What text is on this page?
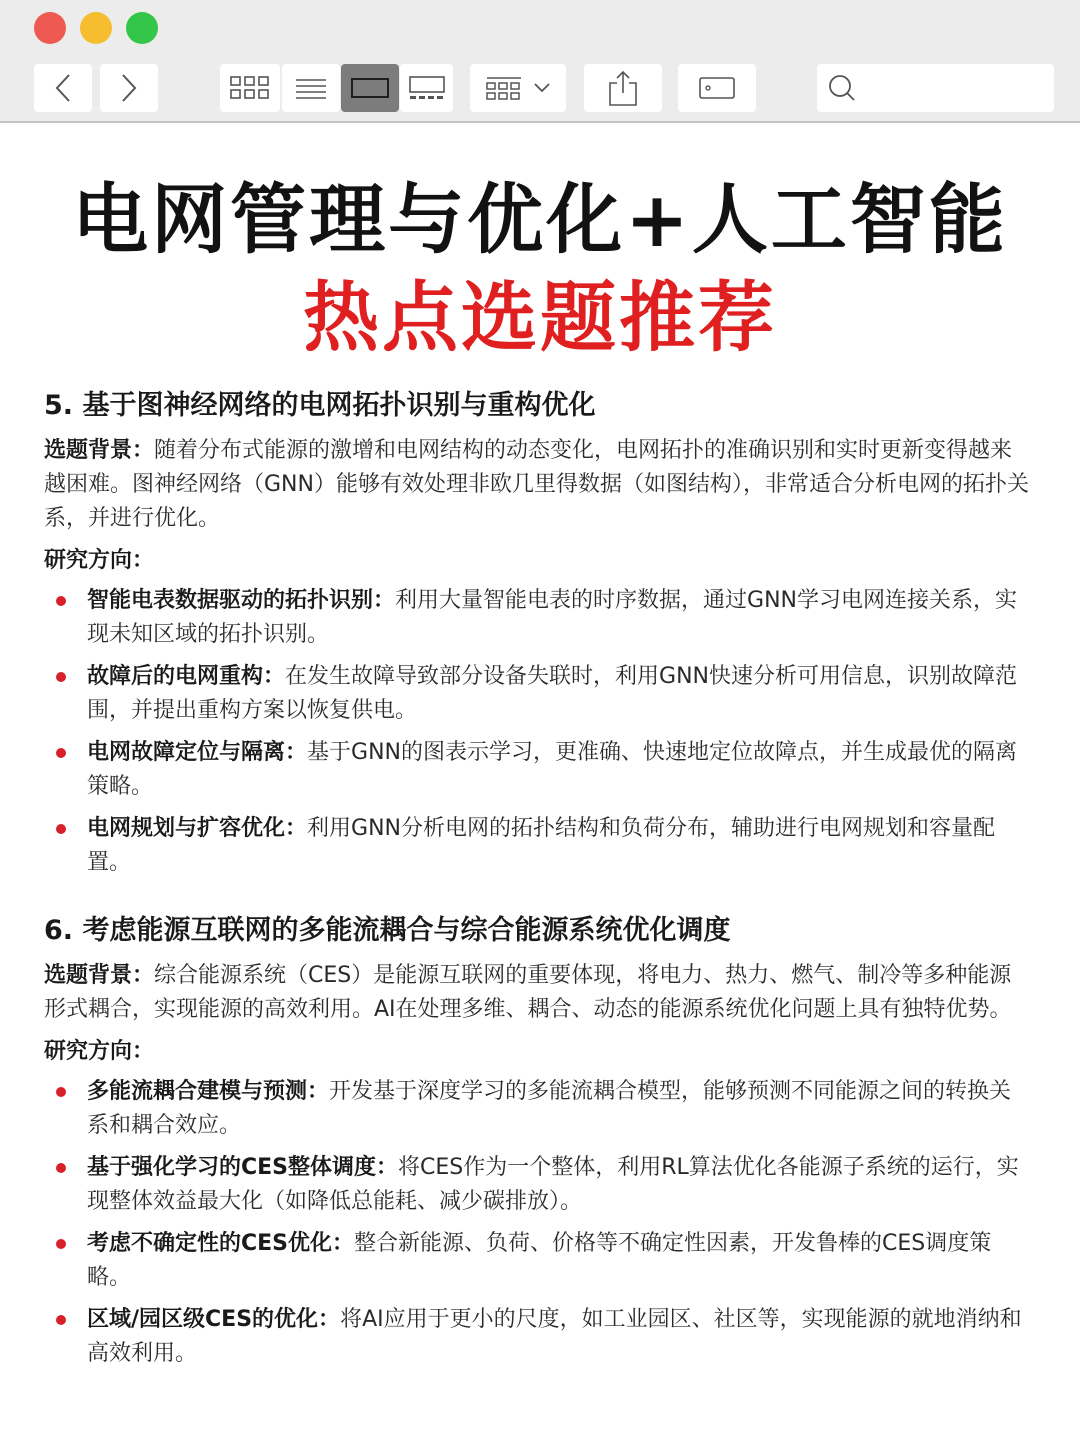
电网管理与优化+人工智能
热点选题推荐
5. 基于图神经网络的电网拓扑识别与重构优化

选题背景：随着分布式能源的激增和电网结构的动态变化，电网拓扑的准确识别和实时更新变得越来越困难。图神经网络（GNN）能够有效处理非欧几里得数据（如图结构），非常适合分析电网的拓扑关系，并进行优化。

研究方向：
智能电表数据驱动的拓扑识别：利用大量智能电表的时序数据，通过GNN学习电网连接关系，实现未知区域的拓扑识别。
故障后的电网重构：在发生故障导致部分设备失联时，利用GNN快速分析可用信息，识别故障范围，并提出重构方案以恢复供电。
电网故障定位与隔离：基于GNN的图表示学习，更准确、快速地定位故障点，并生成最优的隔离策略。
电网规划与扩容优化：利用GNN分析电网的拓扑结构和负荷分布，辅助进行电网规划和容量配置。
6. 考虑能源互联网的多能流耦合与综合能源系统优化调度

选题背景：综合能源系统（CES）是能源互联网的重要体现，将电力、热力、燃气、制冷等多种能源形式耦合，实现能源的高效利用。AI在处理多维、耦合、动态的能源系统优化问题上具有独特优势。

研究方向：
多能流耦合建模与预测：开发基于深度学习的多能流耦合模型，能够预测不同能源之间的转换关系和耦合效应。
基于强化学习的CES整体调度：将CES作为一个整体，利用RL算法优化各能源子系统的运行，实现整体效益最大化（如降低总能耗、减少碳排放）。
考虑不确定性的CES优化：整合新能源、负荷、价格等不确定性因素，开发鲁棒的CES调度策略。
区域/园区级CES的优化：将AI应用于更小的尺度，如工业园区、社区等，实现能源的就地消纳和高效利用。
